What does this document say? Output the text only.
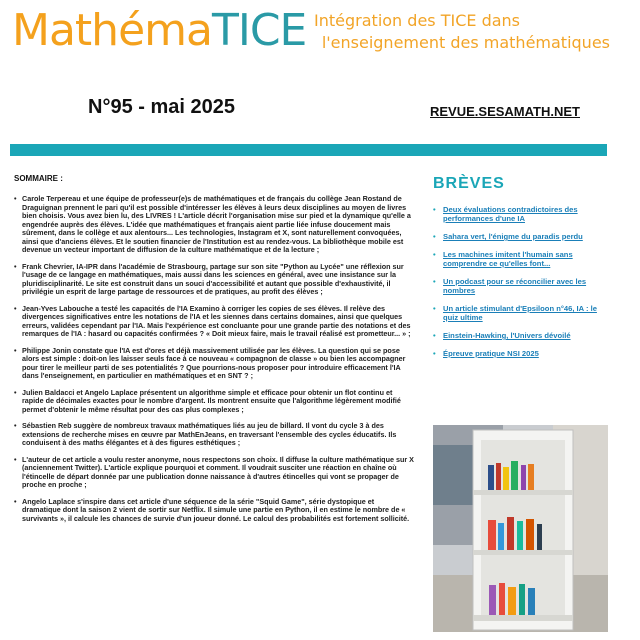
MathémaTICE Intégration des TICE dans
l'enseignement des mathématiques
N°95 - mai 2025	REVUE.SESAMATH.NET
SOMMAIRE :
• Carole Terpereau et une équipe de professeur(e)s de mathématiques et de français du collège Jean Rostand de Draguignan prennent le pari qu'il est possible d'intéresser les élèves à leurs deux disciplines au moyen de livres bien choisis. Vous avez bien lu, des LIVRES ! L'article décrit l'organisation mise sur pied et la dynamique qu'elle a engendrée auprès des élèves. L'idée que mathématiques et français aient partie liée infuse doucement mais sûrement, dans le collège et aux alentours... Les technologies, Instagram et X, sont naturellement convoquées, ainsi que d'anciens élèves. Et le soutien financier de l'Institution est au rendez-vous. La bibliothèque mobile est devenue un vecteur important de diffusion de la culture mathématique et de la lecture ;
• Frank Chevrier, IA-IPR dans l'académie de Strasbourg, partage sur son site "Python au Lycée" une réflexion sur l'usage de ce langage en mathématiques, mais aussi dans les sciences en général, avec une insistance sur la pluridisciplinarité. Le site est construit dans un souci d'accessibilité et autant que possible d'exhaustivité, il privilégie un esprit de large partage de ressources et de pratiques, au profit des élèves ;
• Jean-Yves Labouche a testé les capacités de l'IA Examino à corriger les copies de ses élèves. Il relève des divergences significatives entre les notations de l'IA et les siennes dans certains domaines, ainsi que quelques erreurs, validées cependant par l'IA. Mais l'expérience est concluante pour une grande partie des notations et des remarques de l'IA : hasard ou capacités confirmées ? « Doit mieux faire, mais le travail réalisé est prometteur... » ;
• Philippe Jonin constate que l'IA est d'ores et déjà massivement utilisée par les élèves. La question qui se pose alors est simple : doit-on les laisser seuls face à ce nouveau « compagnon de classe » ou bien les accompagner pour tirer le meilleur parti de ses potentialités ? Que pourrions-nous proposer pour introduire efficacement l'IA dans l'enseignement, en particulier en mathématiques et en SNT ? ;
• Julien Baldacci et Angelo Laplace présentent un algorithme simple et efficace pour obtenir un flot continu et rapide de décimales exactes pour le nombre d'argent. Ils montrent ensuite que l'algorithme légèrement modifié permet d'obtenir le même résultat pour des cas plus complexes ;
• Sébastien Reb suggère de nombreux travaux mathématiques liés au jeu de billard. Il vont du cycle 3 à des extensions de recherche mises en œuvre par MathEnJeans, en traversant l'ensemble des cycles éducatifs. Ils conduisent à des maths élégantes et à des figures esthétiques ;
• L'auteur de cet article a voulu rester anonyme, nous respectons son choix. Il diffuse la culture mathématique sur X (anciennement Twitter). L'article explique pourquoi et comment. Il voudrait susciter une réaction en chaîne où l'étincelle de départ donnée par une publication donne naissance à d'autres étincelles qui vont se propager de proche en proche ;
• Angelo Laplace s'inspire dans cet article d'une séquence de la série "Squid Game", série dystopique et dramatique dont la saison 2 vient de sortir sur Netflix. Il simule une partie en Python, il en estime le nombre de « survivants », il calcule les chances de survie d'un joueur donné. Le calcul des probabilités est fortement sollicité.
BRÈVES
• Deux évaluations contradictoires des performances d'une IA
• Sahara vert, l'énigme du paradis perdu
• Les machines imitent l'humain sans comprendre ce qu'elles font...
• Un podcast pour se réconcilier avec les nombres
• Un article stimulant d'Epsiloon n°46, IA : le quiz ultime
• Einstein-Hawking, l'Univers dévoilé
• Épreuve pratique NSI 2025
